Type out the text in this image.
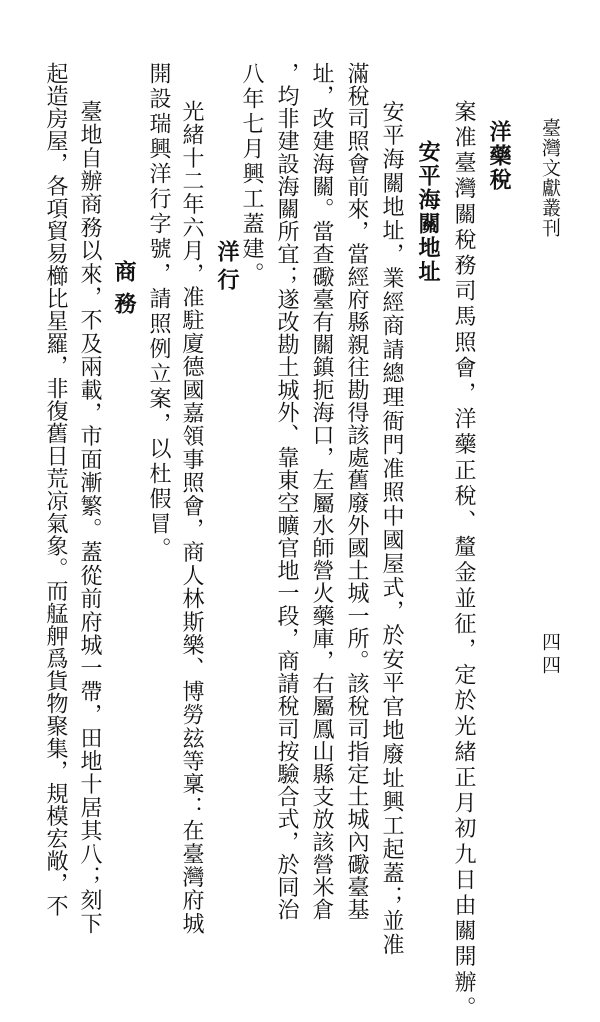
臺灣文獻叢刊
四四
洋藥稅
案准臺灣關稅務司馬照會，洋藥正稅、釐金並征，定於光緒正月初九日由關開辦。
安平海關地址
安平海關地址，業經商請總理衙門准照中國屋式，於安平官地廢址興工起蓋；並准
滿稅司照會前來，當經府縣親往勘得該處舊廢外國土城一所。該稅司指定土城內礮臺基
址，改建海關。當查礮臺有關鎮扼海口，左屬水師營火藥庫，右屬鳳山縣支放該營米倉
，均非建設海關所宜；遂改勘土城外、靠東空曠官地一段，商請稅司按驗合式，於同治
八年七月興工蓋建。
洋行
光緒十二年六月，准駐廈德國嘉領事照會，商人林斯樂、博勞玆等稟：在臺灣府城
開設瑞興洋行字號，請照例立案，以杜假冒。
商務
臺地自辦商務以來，不及兩載，市面漸繁。蓋從前府城一帶，田地十居其八；刻下
起造房屋，各項貿易櫛比星羅，非復舊日荒凉氣象。而艋舺爲貨物聚集，規模宏敞，不
